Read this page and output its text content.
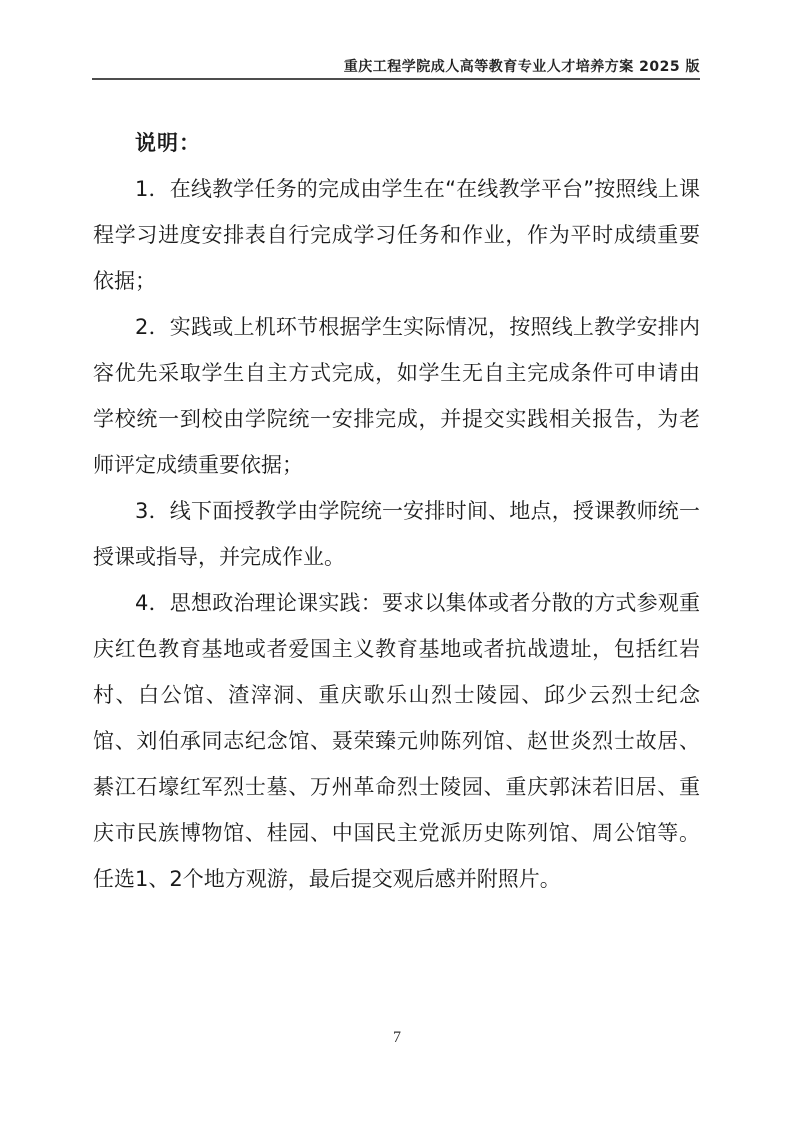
重庆工程学院成人高等教育专业人才培养方案 2025 版

说明：

1．在线教学任务的完成由学生在“在线教学平台”按照线上课程学习进度安排表自行完成学习任务和作业，作为平时成绩重要依据；

2．实践或上机环节根据学生实际情况，按照线上教学安排内容优先采取学生自主方式完成，如学生无自主完成条件可申请由学校统一到校由学院统一安排完成，并提交实践相关报告，为老师评定成绩重要依据；

3．线下面授教学由学院统一安排时间、地点，授课教师统一授课或指导，并完成作业。

4．思想政治理论课实践：要求以集体或者分散的方式参观重庆红色教育基地或者爱国主义教育基地或者抗战遗址，包括红岩村、白公馆、渣滓洞、重庆歌乐山烈士陵园、邱少云烈士纪念馆、刘伯承同志纪念馆、聂荣臻元帅陈列馆、赵世炎烈士故居、綦江石壕红军烈士墓、万州革命烈士陵园、重庆郭沫若旧居、重庆市民族博物馆、桂园、中国民主党派历史陈列馆、周公馆等。任选1、2个地方观游，最后提交观后感并附照片。

7
